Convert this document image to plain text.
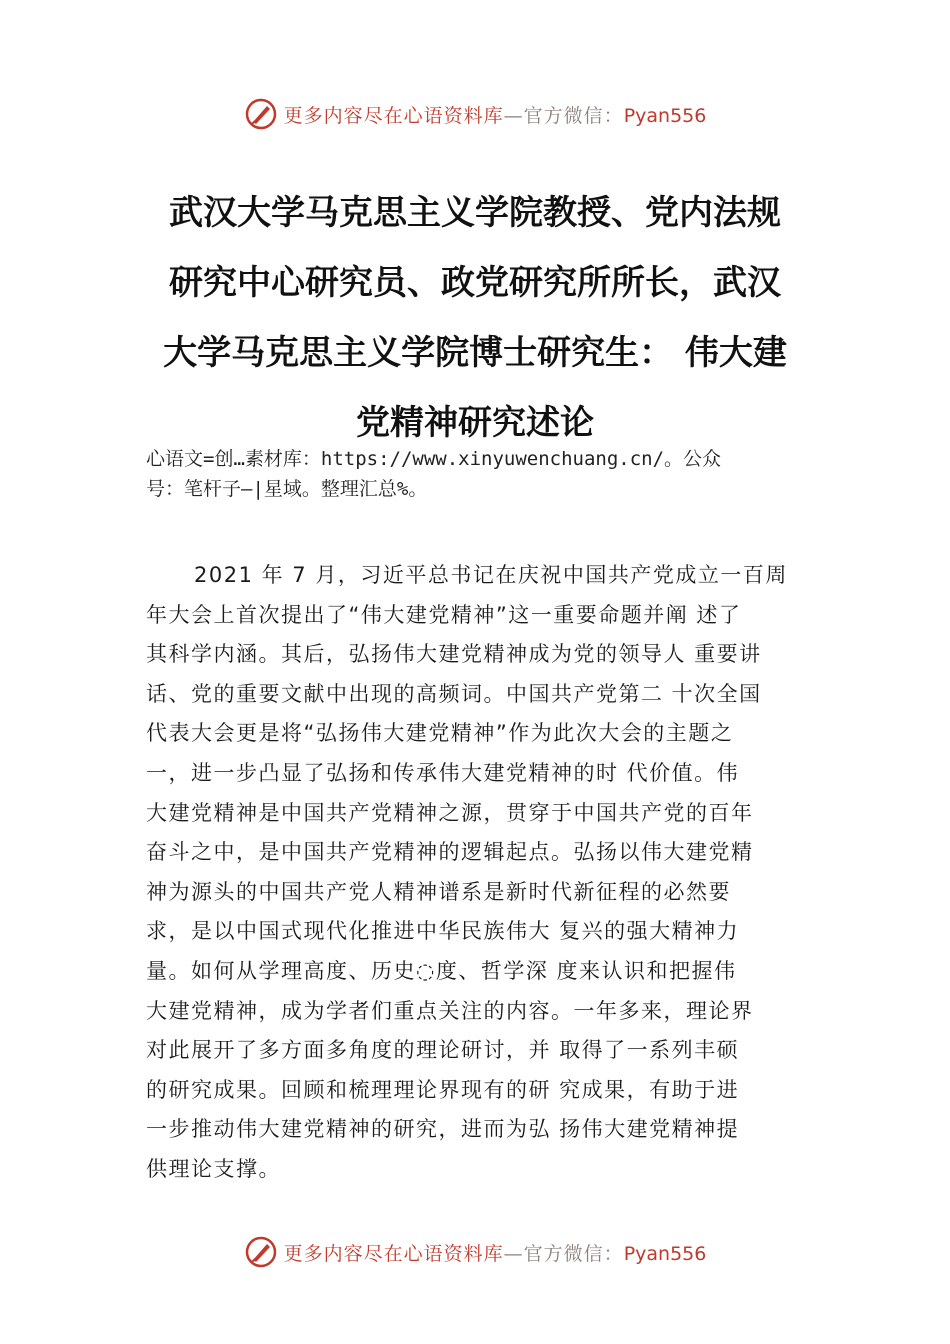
更多内容尽在心语资料库—官方微信：Pyan556
武汉大学马克思主义学院教授、党内法规
研究中心研究员、政党研究所所长，武汉
大学马克思主义学院博士研究生： 伟大建
党精神研究述论
心语文=创…素材库：https://www.xinyuwenchuang.cn/。公众
号：笔杆子—|星域。整理汇总%。
2021 年 7 月，习近平总书记在庆祝中国共产党成立一百周
年大会上首次提出了“伟大建党精神”这一重要命题并阐 述了
其科学内涵。其后，弘扬伟大建党精神成为党的领导人 重要讲
话、党的重要文献中出现的高频词。中国共产党第二 十次全国
代表大会更是将“弘扬伟大建党精神”作为此次大会的主题之
一，进一步凸显了弘扬和传承伟大建党精神的时 代价值。伟
大建党精神是中国共产党精神之源，贯穿于中国共产党的百年
奋斗之中，是中国共产党精神的逻辑起点。弘扬以伟大建党精
神为源头的中国共产党人精神谱系是新时代新征程的必然要
求，是以中国式现代化推进中华民族伟大 复兴的强大精神力
量。如何从学理高度、历史◌度、哲学深 度来认识和把握伟
大建党精神，成为学者们重点关注的内容。一年多来，理论界
对此展开了多方面多角度的理论研讨，并 取得了一系列丰硕
的研究成果。回顾和梳理理论界现有的研 究成果，有助于进
一步推动伟大建党精神的研究，进而为弘 扬伟大建党精神提
供理论支撑。
更多内容尽在心语资料库—官方微信：Pyan556
